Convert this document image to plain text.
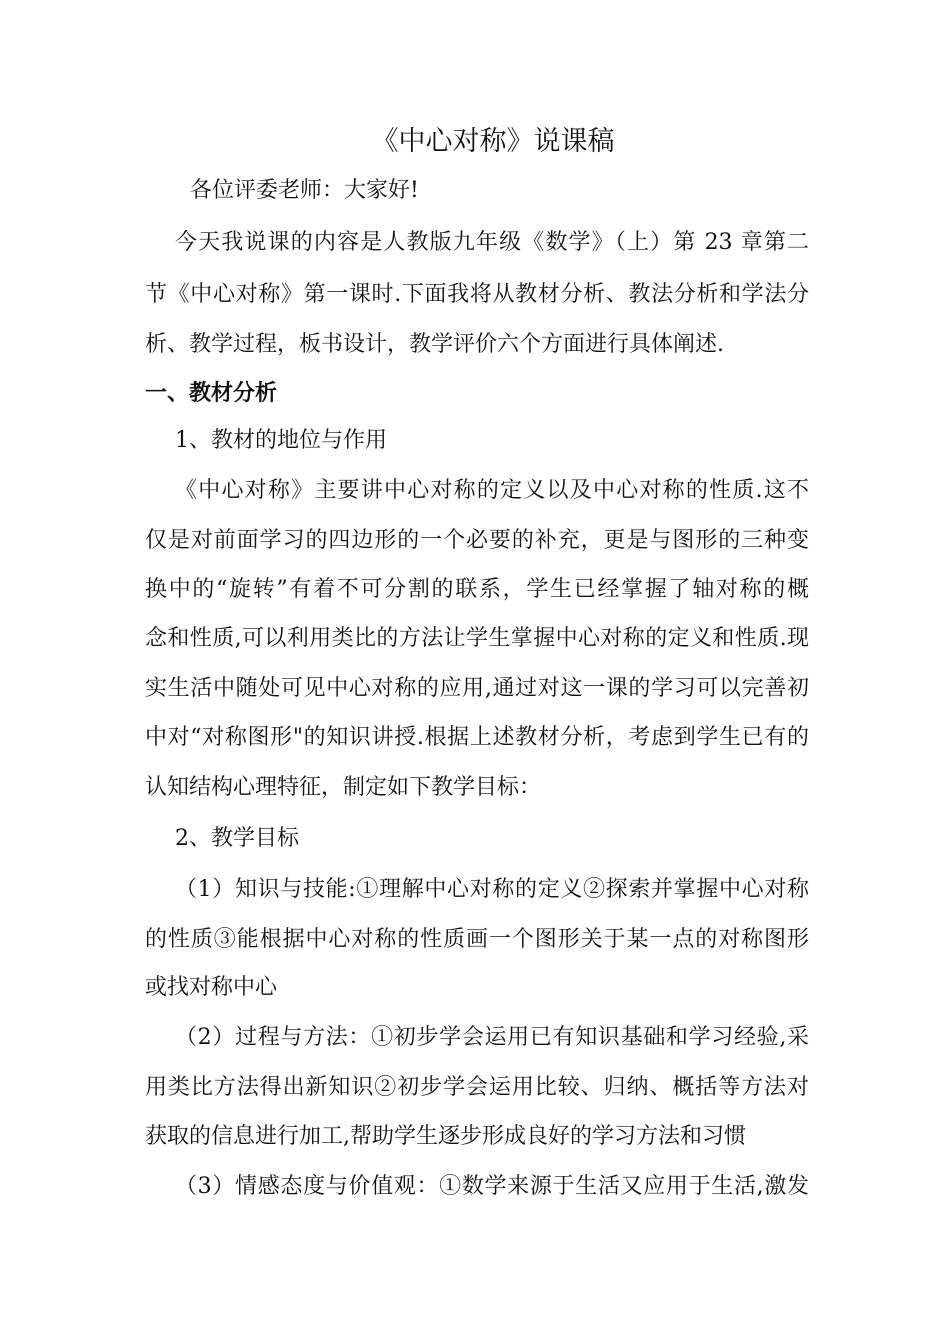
《中心对称》说课稿
各位评委老师：大家好!
今天我说课的内容是人教版九年级《数学》（上）第 23 章第二
节《中心对称》第一课时.下面我将从教材分析、教法分析和学法分
析、教学过程，板书设计，教学评价六个方面进行具体阐述.
一、教材分析
1、教材的地位与作用
《中心对称》主要讲中心对称的定义以及中心对称的性质.这不
仅是对前面学习的四边形的一个必要的补充，更是与图形的三种变
换中的“旋转”有着不可分割的联系，学生已经掌握了轴对称的概
念和性质,可以利用类比的方法让学生掌握中心对称的定义和性质.现
实生活中随处可见中心对称的应用,通过对这一课的学习可以完善初
中对“对称图形"的知识讲授.根据上述教材分析，考虑到学生已有的
认知结构心理特征，制定如下教学目标：
2、教学目标
（1）知识与技能:①理解中心对称的定义②探索并掌握中心对称
的性质③能根据中心对称的性质画一个图形关于某一点的对称图形
或找对称中心
（2）过程与方法：①初步学会运用已有知识基础和学习经验,采
用类比方法得出新知识②初步学会运用比较、归纳、概括等方法对
获取的信息进行加工,帮助学生逐步形成良好的学习方法和习惯
（3）情感态度与价值观：①数学来源于生活又应用于生活,激发
